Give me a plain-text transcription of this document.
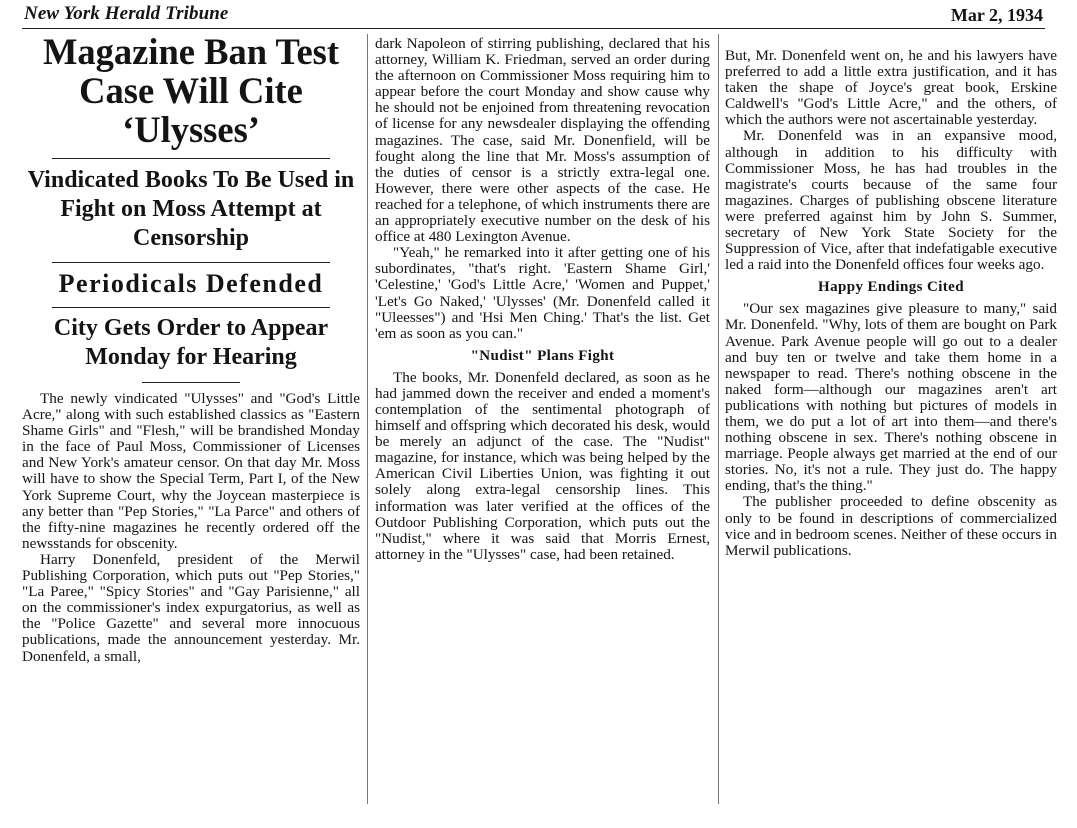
New York Herald Tribune	Mar 2, 1934
Magazine Ban Test Case Will Cite ‘Ulysses’
Vindicated Books To Be Used in Fight on Moss Attempt at Censorship
Periodicals Defended
City Gets Order to Appear Monday for Hearing

The newly vindicated "Ulysses" and "God's Little Acre," along with such established classics as "Eastern Shame Girls" and "Flesh," will be brandished Monday in the face of Paul Moss, Commissioner of Licenses and New York's amateur censor. On that day Mr. Moss will have to show the Special Term, Part I, of the New York Supreme Court, why the Joycean masterpiece is any better than "Pep Stories," "La Parce" and others of the fifty-nine magazines he recently ordered off the newsstands for obscenity.

Harry Donenfeld, president of the Merwil Publishing Corporation, which puts out "Pep Stories," "La Paree," "Spicy Stories" and "Gay Parisienne," all on the commissioner's index expurgatorius, as well as the "Police Gazette" and several more innocuous publications, made the announcement yesterday. Mr. Donenfeld, a small,

dark Napoleon of stirring publishing, declared that his attorney, William K. Friedman, served an order during the afternoon on Commissioner Moss requiring him to appear before the court Monday and show cause why he should not be enjoined from threatening revocation of license for any newsdealer displaying the offending magazines. The case, said Mr. Donenfield, will be fought along the line that Mr. Moss's assumption of the duties of censor is a strictly extra-legal one. However, there were other aspects of the case. He reached for a telephone, of which instruments there are an appropriately executive number on the desk of his office at 480 Lexington Avenue.

"Yeah," he remarked into it after getting one of his subordinates, "that's right. 'Eastern Shame Girl,' 'Celestine,' 'God's Little Acre,' 'Women and Puppet,' 'Let's Go Naked,' 'Ulysses' (Mr. Donenfeld called it "Uleesses") and 'Hsi Men Ching.' That's the list. Get 'em as soon as you can."

"Nudist" Plans Fight

The books, Mr. Donenfeld declared, as soon as he had jammed down the receiver and ended a moment's contemplation of the sentimental photograph of himself and offspring which decorated his desk, would be merely an adjunct of the case. The "Nudist" magazine, for instance, which was being helped by the American Civil Liberties Union, was fighting it out solely along extra-legal censorship lines. This information was later verified at the offices of the Outdoor Publishing Corporation, which puts out the "Nudist," where it was said that Morris Ernest, attorney in the "Ulysses" case, had been retained.

But, Mr. Donenfeld went on, he and his lawyers have preferred to add a little extra justification, and it has taken the shape of Joyce's great book, Erskine Caldwell's "God's Little Acre," and the others, of which the authors were not ascertainable yesterday.

Mr. Donenfeld was in an expansive mood, although in addition to his difficulty with Commissioner Moss, he has had troubles in the magistrate's courts because of the same four magazines. Charges of publishing obscene literature were preferred against him by John S. Summer, secretary of New York State Society for the Suppression of Vice, after that indefatigable executive led a raid into the Donenfeld offices four weeks ago.

Happy Endings Cited

"Our sex magazines give pleasure to many," said Mr. Donenfeld. "Why, lots of them are bought on Park Avenue. Park Avenue people will go out to a dealer and buy ten or twelve and take them home in a newspaper to read. There's nothing obscene in the naked form—although our magazines aren't art publications with nothing but pictures of models in them, we do put a lot of art into them—and there's nothing obscene in sex. There's nothing obscene in marriage. People always get married at the end of our stories. No, it's not a rule. They just do. The happy ending, that's the thing."

The publisher proceeded to define obscenity as only to be found in descriptions of commercialized vice and in bedroom scenes. Neither of these occurs in Merwil publications.
